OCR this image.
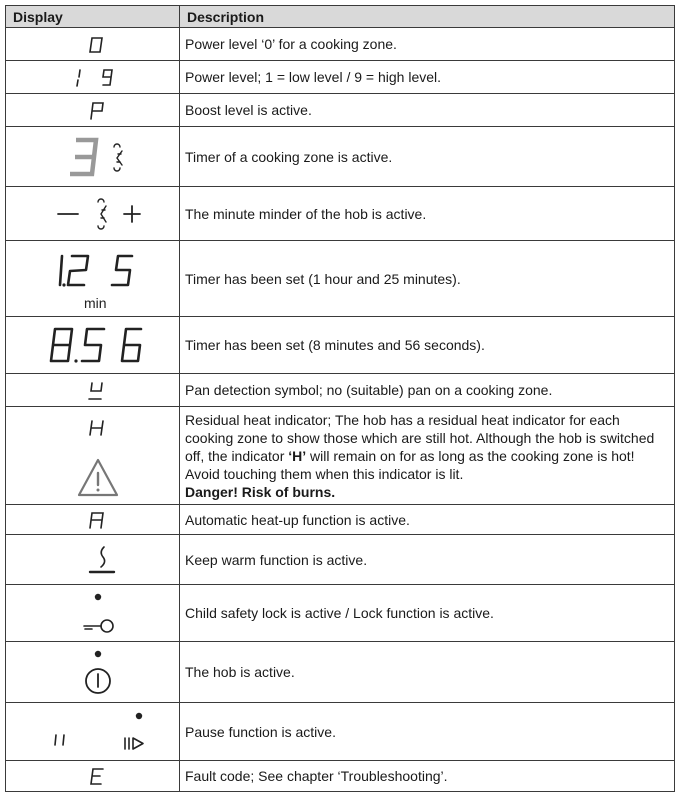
Display	Description

	Power level ‘0’ for a cooking zone.

	Power level; 1 = low level / 9 = high level.

	Boost level is active.

	Timer of a cooking zone is active.

	The minute minder of the hob is active.

min	Timer has been set (1 hour and 25 minutes).

	Timer has been set (8 minutes and 56 seconds).

	Pan detection symbol; no (suitable) pan on a cooking zone.

	Residual heat indicator; The hob has a residual heat indicator for each cooking zone to show those which are still hot. Although the hob is switched off, the indicator ‘H’ will remain on for as long as the cooking zone is hot! Avoid touching them when this indicator is lit.
Danger! Risk of burns.

	Automatic heat-up function is active.

	Keep warm function is active.

	Child safety lock is active / Lock function is active.

	The hob is active.

	Pause function is active.

	Fault code; See chapter ‘Troubleshooting’.
